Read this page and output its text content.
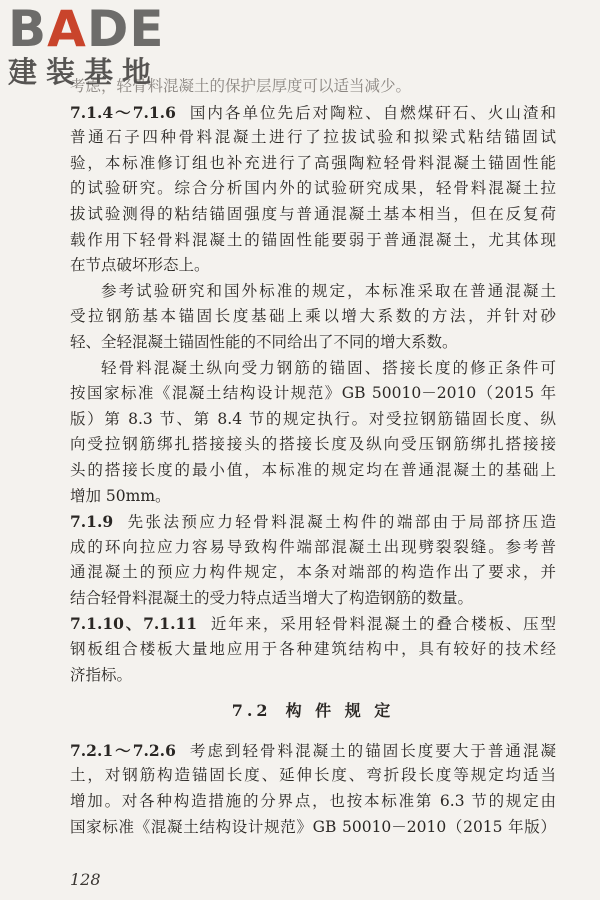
BADE
建装基地
考虑，轻骨料混凝土的保护层厚度可以适当减少。
7.1.4～7.1.6 国内各单位先后对陶粒、自燃煤矸石、火山渣和
普通石子四种骨料混凝土进行了拉拔试验和拟梁式粘结锚固试
验，本标准修订组也补充进行了高强陶粒轻骨料混凝土锚固性能
的试验研究。综合分析国内外的试验研究成果，轻骨料混凝土拉
拔试验测得的粘结锚固强度与普通混凝土基本相当，但在反复荷
载作用下轻骨料混凝土的锚固性能要弱于普通混凝土，尤其体现
在节点破坏形态上。
参考试验研究和国外标准的规定，本标准采取在普通混凝土
受拉钢筋基本锚固长度基础上乘以增大系数的方法，并针对砂
轻、全轻混凝土锚固性能的不同给出了不同的增大系数。
轻骨料混凝土纵向受力钢筋的锚固、搭接长度的修正条件可
按国家标准《混凝土结构设计规范》GB 50010－2010（2015 年
版）第 8.3 节、第 8.4 节的规定执行。对受拉钢筋锚固长度、纵
向受拉钢筋绑扎搭接接头的搭接长度及纵向受压钢筋绑扎搭接接
头的搭接长度的最小值，本标准的规定均在普通混凝土的基础上
增加 50mm。
7.1.9 先张法预应力轻骨料混凝土构件的端部由于局部挤压造
成的环向拉应力容易导致构件端部混凝土出现劈裂裂缝。参考普
通混凝土的预应力构件规定，本条对端部的构造作出了要求，并
结合轻骨料混凝土的受力特点适当增大了构造钢筋的数量。
7.1.10、7.1.11 近年来，采用轻骨料混凝土的叠合楼板、压型
钢板组合楼板大量地应用于各种建筑结构中，具有较好的技术经
济指标。
7.2 构 件 规 定
7.2.1～7.2.6 考虑到轻骨料混凝土的锚固长度要大于普通混凝
土，对钢筋构造锚固长度、延伸长度、弯折段长度等规定均适当
增加。对各种构造措施的分界点，也按本标准第 6.3 节的规定由
国家标准《混凝土结构设计规范》GB 50010－2010（2015 年版）
128
